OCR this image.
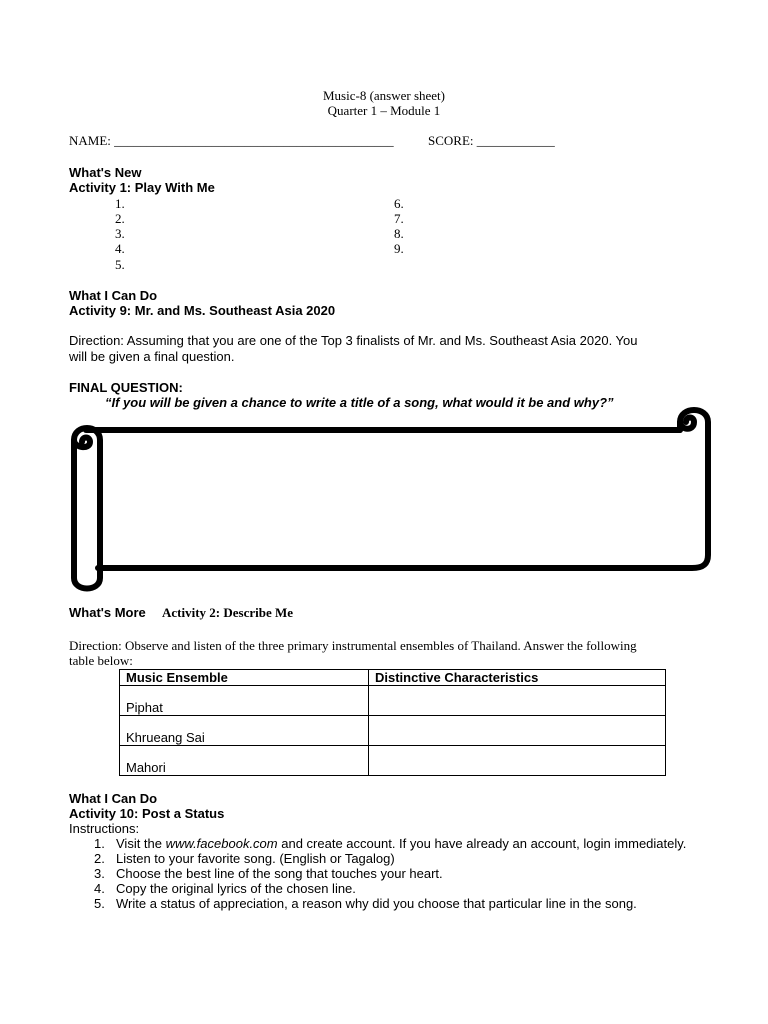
Music-8 (answer sheet)
Quarter 1 – Module 1
NAME: ___________________________________________	SCORE: ____________
What's New
Activity 1: Play With Me
1.
2.
3.
4.
5.
6.
7.
8.
9.
What I Can Do
Activity 9: Mr. and Ms. Southeast Asia 2020
Direction: Assuming that you are one of the Top 3 finalists of Mr. and Ms. Southeast Asia 2020. You
will be given a final question.
FINAL QUESTION:
“If you will be given a chance to write a title of a song, what would it be and why?”
What's More Activity 2: Describe Me
Direction: Observe and listen of the three primary instrumental ensembles of Thailand. Answer the following
table below:
Music Ensemble	Distinctive Characteristics
Piphat	
Khrueang Sai	
Mahori	
What I Can Do
Activity 10: Post a Status
Instructions:
1. Visit the www.facebook.com and create account. If you have already an account, login immediately.
2. Listen to your favorite song. (English or Tagalog)
3. Choose the best line of the song that touches your heart.
4. Copy the original lyrics of the chosen line.
5. Write a status of appreciation, a reason why did you choose that particular line in the song.
